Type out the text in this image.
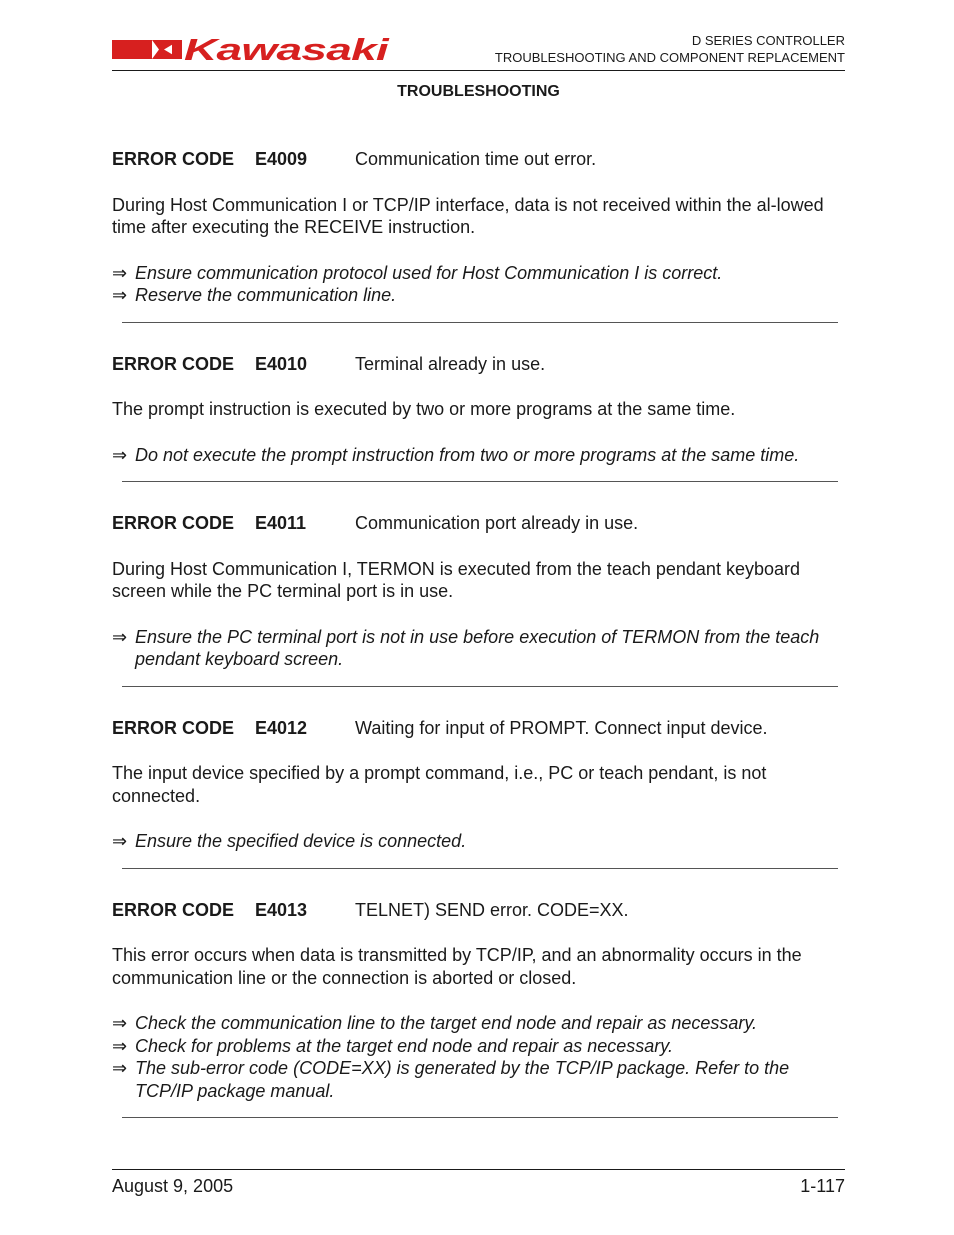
Kawasaki	D SERIES CONTROLLER
TROUBLESHOOTING AND COMPONENT REPLACEMENT
TROUBLESHOOTING
ERROR CODE	E4009	Communication time out error.
During Host Communication I or TCP/IP interface, data is not received within the al-lowed time after executing the RECEIVE instruction.
⇒ Ensure communication protocol used for Host Communication I is correct.
⇒ Reserve the communication line.
ERROR CODE	E4010	Terminal already in use.
The prompt instruction is executed by two or more programs at the same time.
⇒ Do not execute the prompt instruction from two or more programs at the same time.
ERROR CODE	E4011	Communication port already in use.
During Host Communication I, TERMON is executed from the teach pendant keyboard screen while the PC terminal port is in use.
⇒ Ensure the PC terminal port is not in use before execution of TERMON from the teach pendant keyboard screen.
ERROR CODE	E4012	Waiting for input of PROMPT. Connect input device.
The input device specified by a prompt command, i.e., PC or teach pendant, is not connected.
⇒ Ensure the specified device is connected.
ERROR CODE	E4013	TELNET) SEND error. CODE=XX.
This error occurs when data is transmitted by TCP/IP, and an abnormality occurs in the communication line or the connection is aborted or closed.
⇒ Check the communication line to the target end node and repair as necessary.
⇒ Check for problems at the target end node and repair as necessary.
⇒ The sub-error code (CODE=XX) is generated by the TCP/IP package. Refer to the TCP/IP package manual.
August 9, 2005	1-117
